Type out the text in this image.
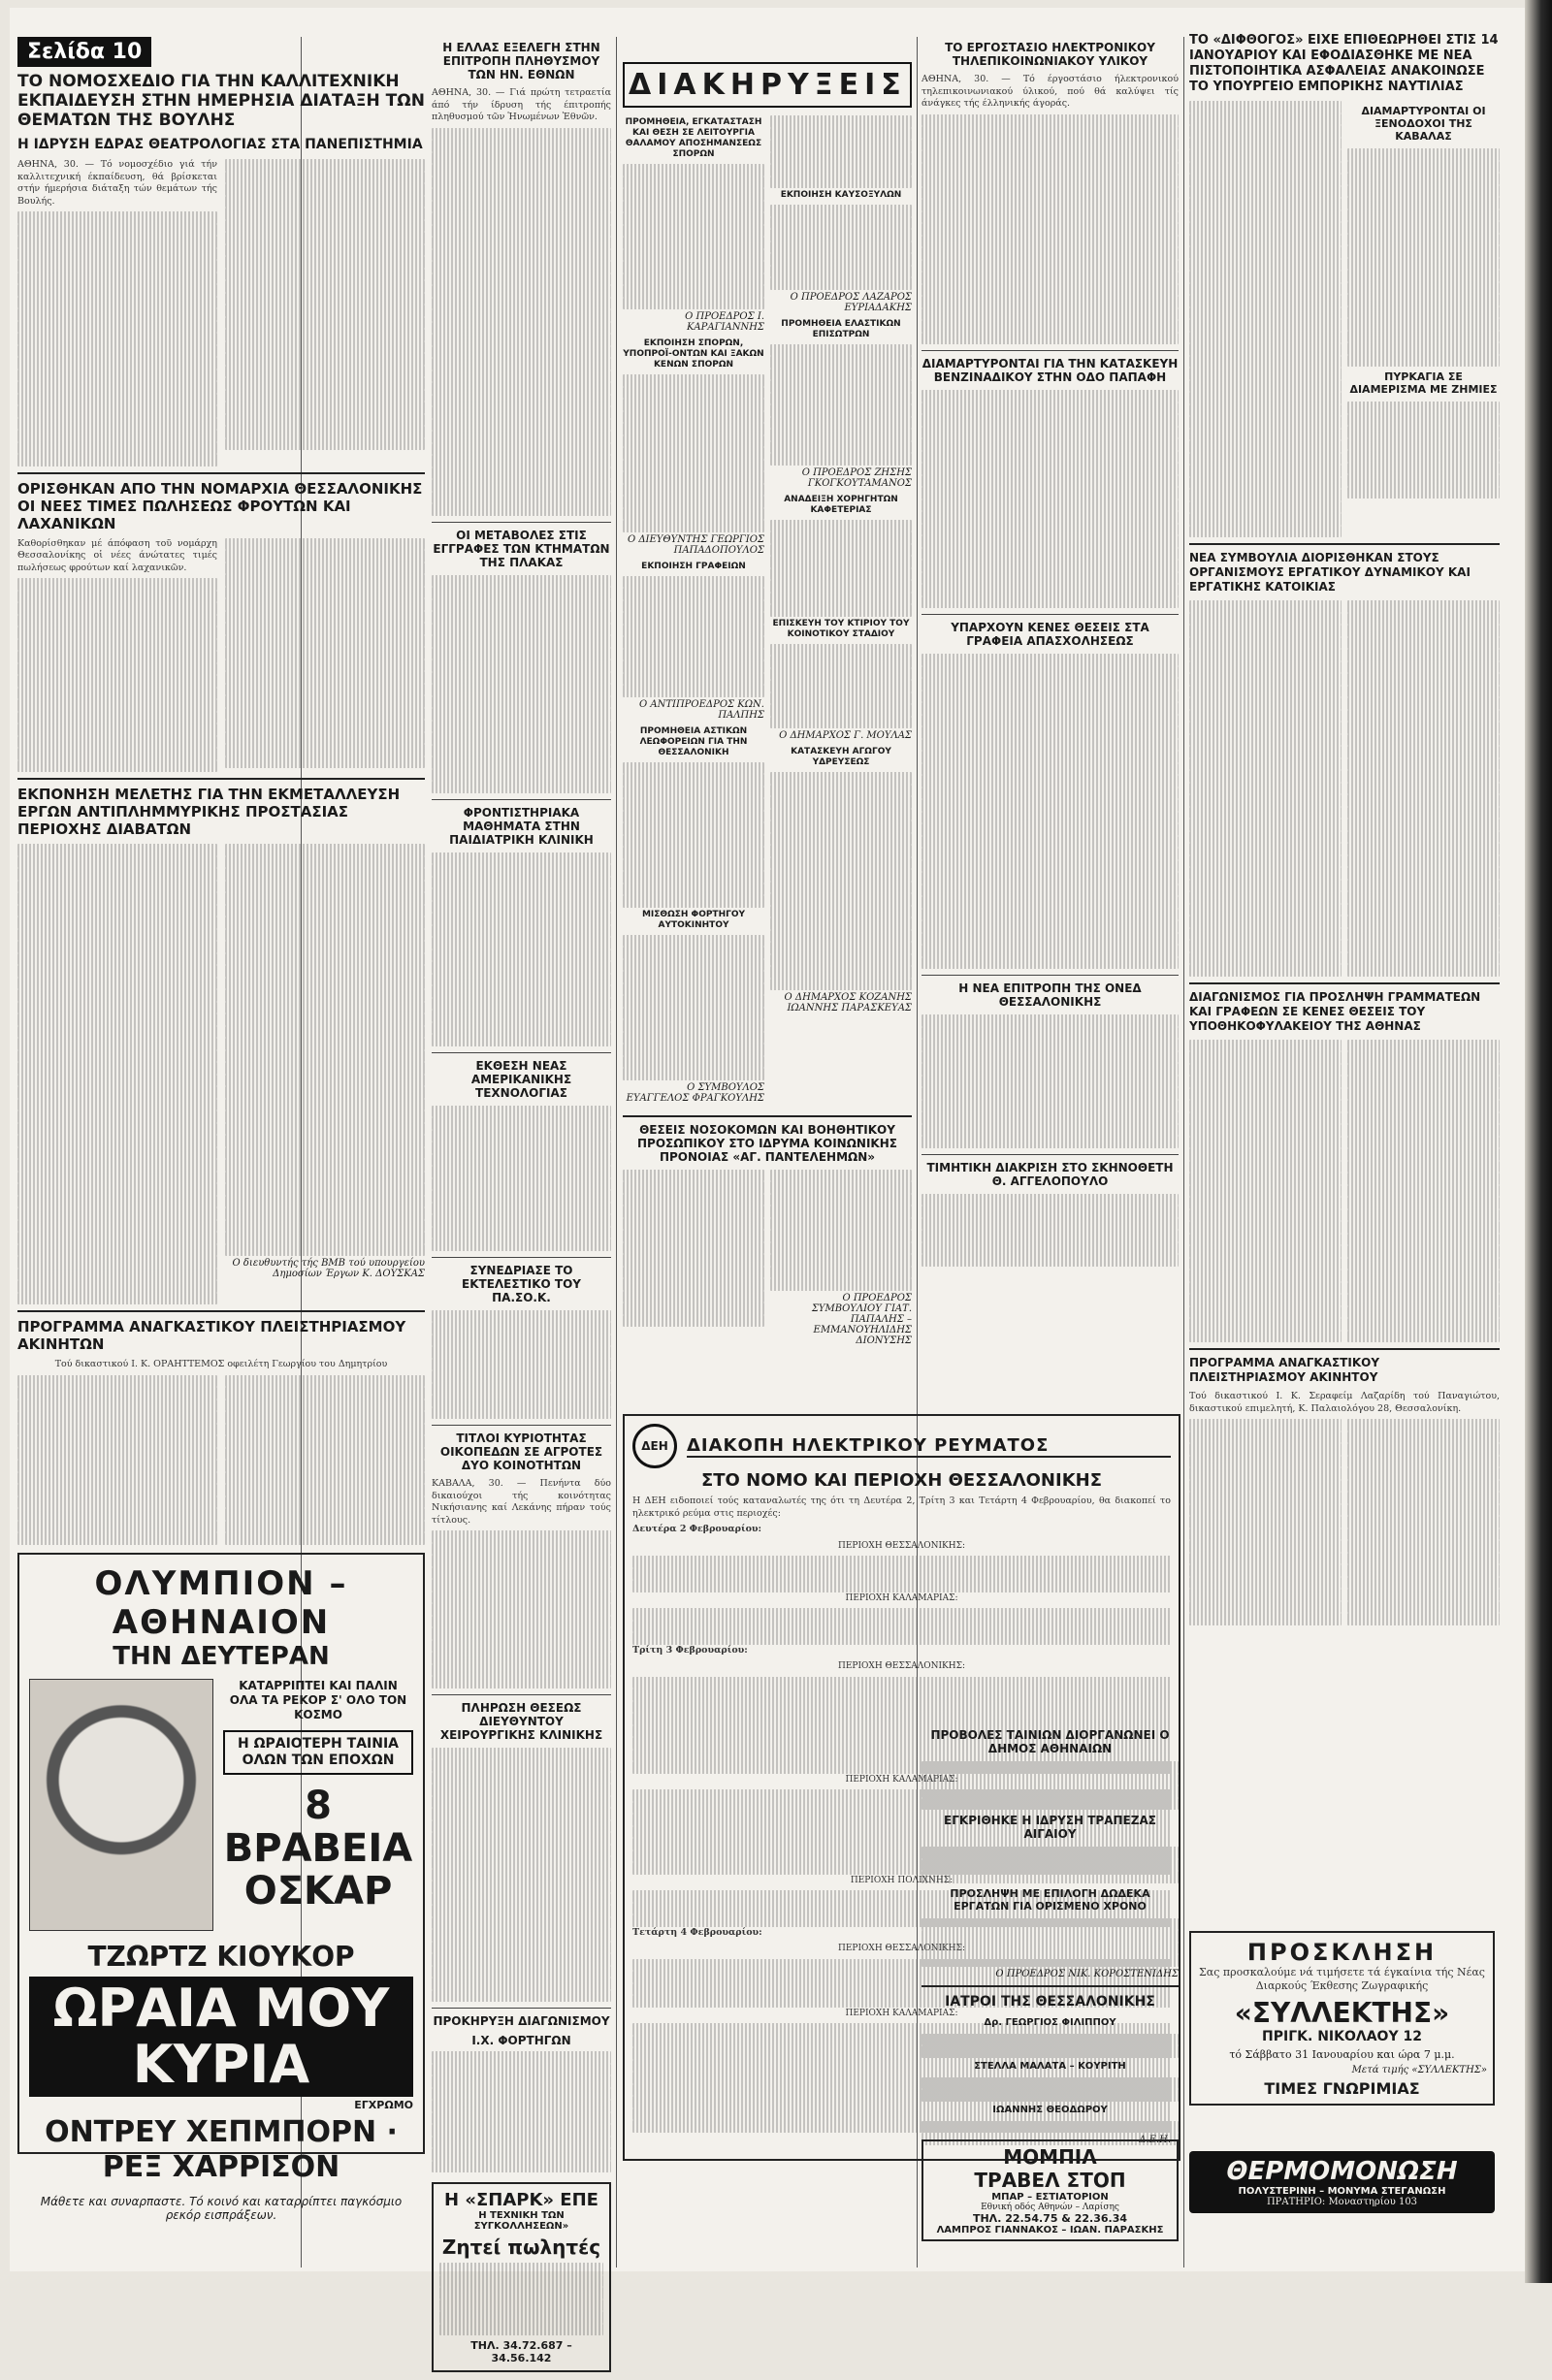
Σελίδα 10
ΤΟ ΝΟΜΟΣΧΕΔΙΟ ΓΙΑ ΤΗΝ ΚΑΛΛΙΤΕΧΝΙΚΗ ΕΚΠΑΙΔΕΥΣΗ ΣΤΗΝ ΗΜΕΡΗΣΙΑ ΔΙΑΤΑΞΗ ΤΩΝ ΘΕΜΑΤΩΝ ΤΗΣ ΒΟΥΛΗΣ
Η ΙΔΡΥΣΗ ΕΔΡΑΣ ΘΕΑΤΡΟΛΟΓΙΑΣ ΣΤΑ ΠΑΝΕΠΙΣΤΗΜΙΑ

ΑΘΗΝΑ, 30. — Τό νομοσχέδιο γιά τήν καλλιτεχνική έκπαίδευση, θά βρίσκεται στήν ήμερήσια διάταξη τών θεμάτων τής Βουλής.

ΟΡΙΣΘΗΚΑΝ ΑΠΟ ΤΗΝ ΝΟΜΑΡΧΙΑ ΘΕΣΣΑΛΟΝΙΚΗΣ ΟΙ ΝΕΕΣ ΤΙΜΕΣ ΠΩΛΗΣΕΩΣ ΦΡΟΥΤΩΝ ΚΑΙ ΛΑΧΑΝΙΚΩΝ

Καθορίσθηκαν μέ άπόφαση τοῦ νομάρχη Θεσσαλονίκης οἱ νέες άνώτατες τιμές πωλήσεως φρούτων καί λαχανικῶν.

ΕΚΠΟΝΗΣΗ ΜΕΛΕΤΗΣ ΓΙΑ ΤΗΝ ΕΚΜΕΤΑΛΛΕΥΣΗ ΕΡΓΩΝ ΑΝΤΙΠΛΗΜΜΥΡΙΚΗΣ ΠΡΟΣΤΑΣΙΑΣ ΠΕΡΙΟΧΗΣ ΔΙΑΒΑΤΩΝ
Ο διευθυντής τής ΒΜΒ τού υπουργείου Δημοσίων Έργων Κ. ΔΟΥΣΚΑΣ
ΠΡΟΓΡΑΜΜΑ ΑΝΑΓΚΑΣΤΙΚΟΥ ΠΛΕΙΣΤΗΡΙΑΣΜΟΥ ΑΚΙΝΗΤΩΝ

Τού δικαστικού Ι. Κ. ΟΡΑΗΤΤΕΜΟΣ οφειλέτη Γεωργίου του Δημητρίου

ΟΛΥΜΠΙΟΝ – ΑΘΗΝΑΙΟΝ
ΤΗΝ ΔΕΥΤΕΡΑΝ
ΚΑΤΑΡΡΙΠΤΕΙ ΚΑΙ ΠΑΛΙΝ ΟΛΑ ΤΑ ΡΕΚΟΡ Σ' ΟΛΟ ΤΟΝ ΚΟΣΜΟ
Η ΩΡΑΙΟΤΕΡΗ ΤΑΙΝΙΑ ΟΛΩΝ ΤΩΝ ΕΠΟΧΩΝ
8 ΒΡΑΒΕΙΑ ΟΣΚΑΡ
ΤΖΩΡΤΖ ΚΙΟΥΚΟΡ
ΩΡΑΙΑ ΜΟΥ ΚΥΡΙΑ
ΕΓΧΡΩΜΟ
ΟΝΤΡΕΥ ΧΕΠΜΠΟΡΝ · ΡΕΞ ΧΑΡΡΙΣΟΝ
Μάθετε και συναρπαστε. Τό κοινό και καταρρίπτει παγκόσμιο ρεκόρ εισπράξεων.
Η ΕΛΛΑΣ ΕΞΕΛΕΓΗ ΣΤΗΝ ΕΠΙΤΡΟΠΗ ΠΛΗΘΥΣΜΟΥ ΤΩΝ ΗΝ. ΕΘΝΩΝ

ΑΘΗΝΑ, 30. — Γιά πρώτη τετραετία άπό τήν ίδρυση τής έπιτροπής πληθυσμού τῶν Ἡνωμένων Ἐθνῶν.

ΟΙ ΜΕΤΑΒΟΛΕΣ ΣΤΙΣ ΕΓΓΡΑΦΕΣ ΤΩΝ ΚΤΗΜΑΤΩΝ ΤΗΣ ΠΛΑΚΑΣ
ΦΡΟΝΤΙΣΤΗΡΙΑΚΑ ΜΑΘΗΜΑΤΑ ΣΤΗΝ ΠΑΙΔΙΑΤΡΙΚΗ ΚΛΙΝΙΚΗ
ΕΚΘΕΣΗ ΝΕΑΣ ΑΜΕΡΙΚΑΝΙΚΗΣ ΤΕΧΝΟΛΟΓΙΑΣ
ΣΥΝΕΔΡΙΑΣΕ ΤΟ ΕΚΤΕΛΕΣΤΙΚΟ ΤΟΥ ΠΑ.ΣΟ.Κ.
ΤΙΤΛΟΙ ΚΥΡΙΟΤΗΤΑΣ ΟΙΚΟΠΕΔΩΝ ΣΕ ΑΓΡΟΤΕΣ ΔΥΟ ΚΟΙΝΟΤΗΤΩΝ

ΚΑΒΑΛΑ, 30. — Πενήντα δύο δικαιούχοι τής κοινότητας Νικήσιανης καί Λεκάνης πήραν τούς τίτλους.

ΠΛΗΡΩΣΗ ΘΕΣΕΩΣ ΔΙΕΥΘΥΝΤΟΥ ΧΕΙΡΟΥΡΓΙΚΗΣ ΚΛΙΝΙΚΗΣ
ΠΡΟΚΗΡΥΞΗ ΔΙΑΓΩΝΙΣΜΟΥ
Ι.Χ. ΦΟΡΤΗΓΩΝ
Η «ΣΠΑΡΚ» ΕΠΕ
Η ΤΕΧΝΙΚΗ ΤΩΝ ΣΥΓΚΟΛΛΗΣΕΩΝ»
Ζητεί πωλητές
ΤΗΛ. 34.72.687 – 34.56.142
ΔΙΑΚΗΡΥΞΕΙΣ
ΠΡΟΜΗΘΕΙΑ, ΕΓΚΑΤΑΣΤΑΣΗ ΚΑΙ ΘΕΣΗ ΣΕ ΛΕΙΤΟΥΡΓΙΑ ΘΑΛΑΜΟΥ ΑΠΟΣΗΜΑΝΣΕΩΣ ΣΠΟΡΩΝ
Ο ΠΡΟΕΔΡΟΣ Ι. ΚΑΡΑΓΙΑΝΝΗΣ
ΕΚΠΟΙΗΣΗ ΣΠΟΡΩΝ, ΥΠΟΠΡΟΪ-ΟΝΤΩΝ ΚΑΙ ΞΑΚΩΝ ΚΕΝΩΝ ΣΠΟΡΩΝ
Ο ΔΙΕΥΘΥΝΤΗΣ ΓΕΩΡΓΙΟΣ ΠΑΠΑΔΟΠΟΥΛΟΣ
ΕΚΠΟΙΗΣΗ ΓΡΑΦΕΙΩΝ
Ο ΑΝΤΙΠΡΟΕΔΡΟΣ ΚΩΝ. ΠΑΛΠΗΣ
ΠΡΟΜΗΘΕΙΑ ΑΣΤΙΚΩΝ ΛΕΩΦΟΡΕΙΩΝ ΓΙΑ ΤΗΝ ΘΕΣΣΑΛΟΝΙΚΗ
ΜΙΣΘΩΣΗ ΦΟΡΤΗΓΟΥ ΑΥΤΟΚΙΝΗΤΟΥ
Ο ΣΥΜΒΟΥΛΟΣ ΕΥΑΓΓΕΛΟΣ ΦΡΑΓΚΟΥΛΗΣ
ΕΚΠΟΙΗΣΗ ΚΑΥΣΟΞΥΛΩΝ
Ο ΠΡΟΕΔΡΟΣ ΛΑΖΑΡΟΣ ΕΥΡΙΑΔΑΚΗΣ
ΠΡΟΜΗΘΕΙΑ ΕΛΑΣΤΙΚΩΝ ΕΠΙΣΩΤΡΩΝ
Ο ΠΡΟΕΔΡΟΣ ΖΗΣΗΣ ΓΚΟΓΚΟΥΤΑΜΑΝΟΣ
ΑΝΑΔΕΙΞΗ ΧΟΡΗΓΗΤΩΝ ΚΑΦΕΤΕΡΙΑΣ
ΕΠΙΣΚΕΥΗ ΤΟΥ ΚΤΙΡΙΟΥ ΤΟΥ ΚΟΙΝΟΤΙΚΟΥ ΣΤΑΔΙΟΥ
Ο ΔΗΜΑΡΧΟΣ Γ. ΜΟΥΛΑΣ
ΚΑΤΑΣΚΕΥΗ ΑΓΩΓΟΥ ΥΔΡΕΥΣΕΩΣ
Ο ΔΗΜΑΡΧΟΣ ΚΟΖΑΝΗΣ ΙΩΑΝΝΗΣ ΠΑΡΑΣΚΕΥΑΣ
ΘΕΣΕΙΣ ΝΟΣΟΚΟΜΩΝ ΚΑΙ ΒΟΗΘΗΤΙΚΟΥ ΠΡΟΣΩΠΙΚΟΥ ΣΤΟ ΙΔΡΥΜΑ ΚΟΙΝΩΝΙΚΗΣ ΠΡΟΝΟΙΑΣ «ΑΓ. ΠΑΝΤΕΛΕΗΜΩΝ»
Ο ΠΡΟΕΔΡΟΣ ΣΥΜΒΟΥΛΙΟΥ ΓΙΑΤ. ΠΑΠΑΛΗΣ – ΕΜΜΑΝΟΥΗΛΙΔΗΣ ΔΙΟΝΥΣΗΣ
ΔΕΗ	ΔΙΑΚΟΠΗ ΗΛΕΚΤΡΙΚΟΥ ΡΕΥΜΑΤΟΣ
ΣΤΟ ΝΟΜΟ ΚΑΙ ΠΕΡΙΟΧΗ ΘΕΣΣΑΛΟΝΙΚΗΣ

Η ΔΕΗ ειδοποιεί τούς καταναλωτές της ότι τη Δευτέρα 2, Τρίτη 3 και Τετάρτη 4 Φεβρουαρίου, θα διακοπεί το ηλεκτρικό ρεύμα στις περιοχές:

Δευτέρα 2 Φεβρουαρίου:

ΠΕΡΙΟΧΗ ΘΕΣΣΑΛΟΝΙΚΗΣ:

ΠΕΡΙΟΧΗ ΚΑΛΑΜΑΡΙΑΣ:

Τρίτη 3 Φεβρουαρίου:

ΠΕΡΙΟΧΗ ΘΕΣΣΑΛΟΝΙΚΗΣ:

ΠΕΡΙΟΧΗ ΚΑΛΑΜΑΡΙΑΣ:

ΠΕΡΙΟΧΗ ΠΟΛΙΧΝΗΣ:

Τετάρτη 4 Φεβρουαρίου:

ΠΕΡΙΟΧΗ ΘΕΣΣΑΛΟΝΙΚΗΣ:

ΠΕΡΙΟΧΗ ΚΑΛΑΜΑΡΙΑΣ:

Δ.Ε.Η.
ΤΟ ΕΡΓΟΣΤΑΣΙΟ ΗΛΕΚΤΡΟΝΙΚΟΥ ΤΗΛΕΠΙΚΟΙΝΩΝΙΑΚΟΥ ΥΛΙΚΟΥ

ΑΘΗΝΑ, 30. — Τό έργοστάσιο ήλεκτρονικού τηλεπικοινωνιακού ύλικού, πού θά καλύψει τίς άνάγκες τής έλληνικής άγοράς.

ΔΙΑΜΑΡΤΥΡΟΝΤΑΙ ΓΙΑ ΤΗΝ ΚΑΤΑΣΚΕΥΗ ΒΕΝΖΙΝΑΔΙΚΟΥ ΣΤΗΝ ΟΔΟ ΠΑΠΑΦΗ
ΥΠΑΡΧΟΥΝ ΚΕΝΕΣ ΘΕΣΕΙΣ ΣΤΑ ΓΡΑΦΕΙΑ ΑΠΑΣΧΟΛΗΣΕΩΣ
Η ΝΕΑ ΕΠΙΤΡΟΠΗ ΤΗΣ ΟΝΕΔ ΘΕΣΣΑΛΟΝΙΚΗΣ
ΤΙΜΗΤΙΚΗ ΔΙΑΚΡΙΣΗ ΣΤΟ ΣΚΗΝΟΘΕΤΗ Θ. ΑΓΓΕΛΟΠΟΥΛΟ
ΠΡΟΒΟΛΕΣ ΤΑΙΝΙΩΝ ΔΙΟΡΓΑΝΩΝΕΙ Ο ΔΗΜΟΣ ΑΘΗΝΑΙΩΝ
ΕΓΚΡΙΘΗΚΕ Η ΙΔΡΥΣΗ ΤΡΑΠΕΖΑΣ ΑΙΓΑΙΟΥ
ΠΡΟΣΛΗΨΗ ΜΕ ΕΠΙΛΟΓΗ ΔΩΔΕΚΑ ΕΡΓΑΤΩΝ ΓΙΑ ΟΡΙΣΜΕΝΟ ΧΡΟΝΟ
Ο ΠΡΟΕΔΡΟΣ ΝΙΚ. ΚΟΡΟΣΤΕΝΙΔΗΣ
ΙΑΤΡΟΙ ΤΗΣ ΘΕΣΣΑΛΟΝΙΚΗΣ
Δρ. ΓΕΩΡΓΙΟΣ ΦΙΛΙΠΠΟΥ
ΣΤΕΛΛΑ ΜΑΛΑΤΑ – ΚΟΥΡΙΤΗ
ΙΩΑΝΝΗΣ ΘΕΟΔΩΡΟΥ
ΜΟΜΠΙΛ
ΤΡΑΒΕΛ ΣΤΟΠ
ΜΠΑΡ – ΕΣΤΙΑΤΟΡΙΟΝ
Εθνική οδός Αθηνών – Λαρίσης
ΤΗΛ. 22.54.75 & 22.36.34
ΛΑΜΠΡΟΣ ΓΙΑΝΝΑΚΟΣ – ΙΩΑΝ. ΠΑΡΑΣΚΗΣ
ΤΟ «ΔΙΦΘΟΓΟΣ» ΕΙΧΕ ΕΠΙΘΕΩΡΗΘΕΙ ΣΤΙΣ 14 ΙΑΝΟΥΑΡΙΟΥ ΚΑΙ ΕΦΟΔΙΑΣΘΗΚΕ ΜΕ ΝΕΑ ΠΙΣΤΟΠΟΙΗΤΙΚΑ ΑΣΦΑΛΕΙΑΣ ΑΝΑΚΟΙΝΩΣΕ ΤΟ ΥΠΟΥΡΓΕΙΟ ΕΜΠΟΡΙΚΗΣ ΝΑΥΤΙΛΙΑΣ
ΔΙΑΜΑΡΤΥΡΟΝΤΑΙ ΟΙ ΞΕΝΟΔΟΧΟΙ ΤΗΣ ΚΑΒΑΛΑΣ
ΠΥΡΚΑΓΙΑ ΣΕ ΔΙΑΜΕΡΙΣΜΑ ΜΕ ΖΗΜΙΕΣ
ΝΕΑ ΣΥΜΒΟΥΛΙΑ ΔΙΟΡΙΣΘΗΚΑΝ ΣΤΟΥΣ ΟΡΓΑΝΙΣΜΟΥΣ ΕΡΓΑΤΙΚΟΥ ΔΥΝΑΜΙΚΟΥ ΚΑΙ ΕΡΓΑΤΙΚΗΣ ΚΑΤΟΙΚΙΑΣ
ΔΙΑΓΩΝΙΣΜΟΣ ΓΙΑ ΠΡΟΣΛΗΨΗ ΓΡΑΜΜΑΤΕΩΝ ΚΑΙ ΓΡΑΦΕΩΝ ΣΕ ΚΕΝΕΣ ΘΕΣΕΙΣ ΤΟΥ ΥΠΟΘΗΚΟΦΥΛΑΚΕΙΟΥ ΤΗΣ ΑΘΗΝΑΣ
ΠΡΟΓΡΑΜΜΑ ΑΝΑΓΚΑΣΤΙΚΟΥ ΠΛΕΙΣΤΗΡΙΑΣΜΟΥ ΑΚΙΝΗΤΟΥ

Τού δικαστικού Ι. Κ. Σεραφείμ Λαζαρίδη τού Παναγιώτου, δικαστικού επιμελητή, Κ. Παλαιολόγου 28, Θεσσαλονίκη.

ΠΡΟΣΚΛΗΣΗ

Σας προσκαλούμε νά τιμήσετε τά έγκαίνια τής Νέας Διαρκούς Έκθεσης Ζωγραφικής

«ΣΥΛΛΕΚΤΗΣ»
ΠΡΙΓΚ. ΝΙΚΟΛΑΟΥ 12
τό Σάββατο 31 Ιανουαρίου και ώρα 7 μ.μ.
Μετά τιμής «ΣΥΛΛΕΚΤΗΣ»
ΤΙΜΕΣ ΓΝΩΡΙΜΙΑΣ
ΘΕΡΜΟΜΟΝΩΣΗ
ΠΟΛΥΣΤΕΡΙΝΗ – ΜΟΝΥΜΑ ΣΤΕΓΑΝΩΣΗ
ΠΡΑΤΗΡΙΟ: Μοναστηρίου 103
